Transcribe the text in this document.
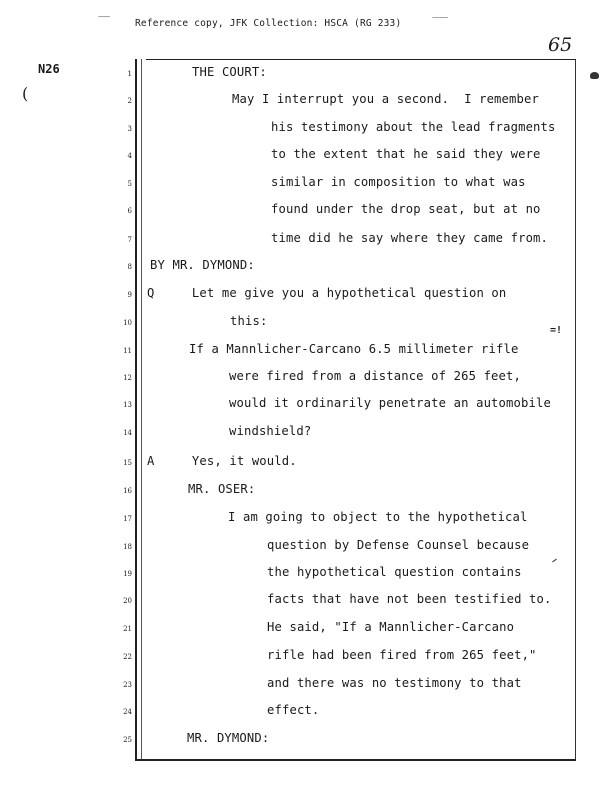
~~~
Reference copy, JFK Collection: HSCA (RG 233)
~~~~
65
N26
(
=!
1	THE COURT:
2	May I interrupt you a second.  I remember
3	his testimony about the lead fragments
4	to the extent that he said they were
5	similar in composition to what was
6	found under the drop seat, but at no
7	time did he say where they came from.
8 BY MR. DYMOND:
9 Q     Let me give you a hypothetical question on
10	this:
11	If a Mannlicher-Carcano 6.5 millimeter rifle
12	were fired from a distance of 265 feet,
13	would it ordinarily penetrate an automobile
14	windshield?
15 A     Yes, it would.
16	MR. OSER:
17	I am going to object to the hypothetical
18	question by Defense Counsel because
19	the hypothetical question contains
20	facts that have not been testified to.
21	He said, "If a Mannlicher-Carcano
22	rifle had been fired from 265 feet,"
23	and there was no testimony to that
24	effect.
25	MR. DYMOND:
